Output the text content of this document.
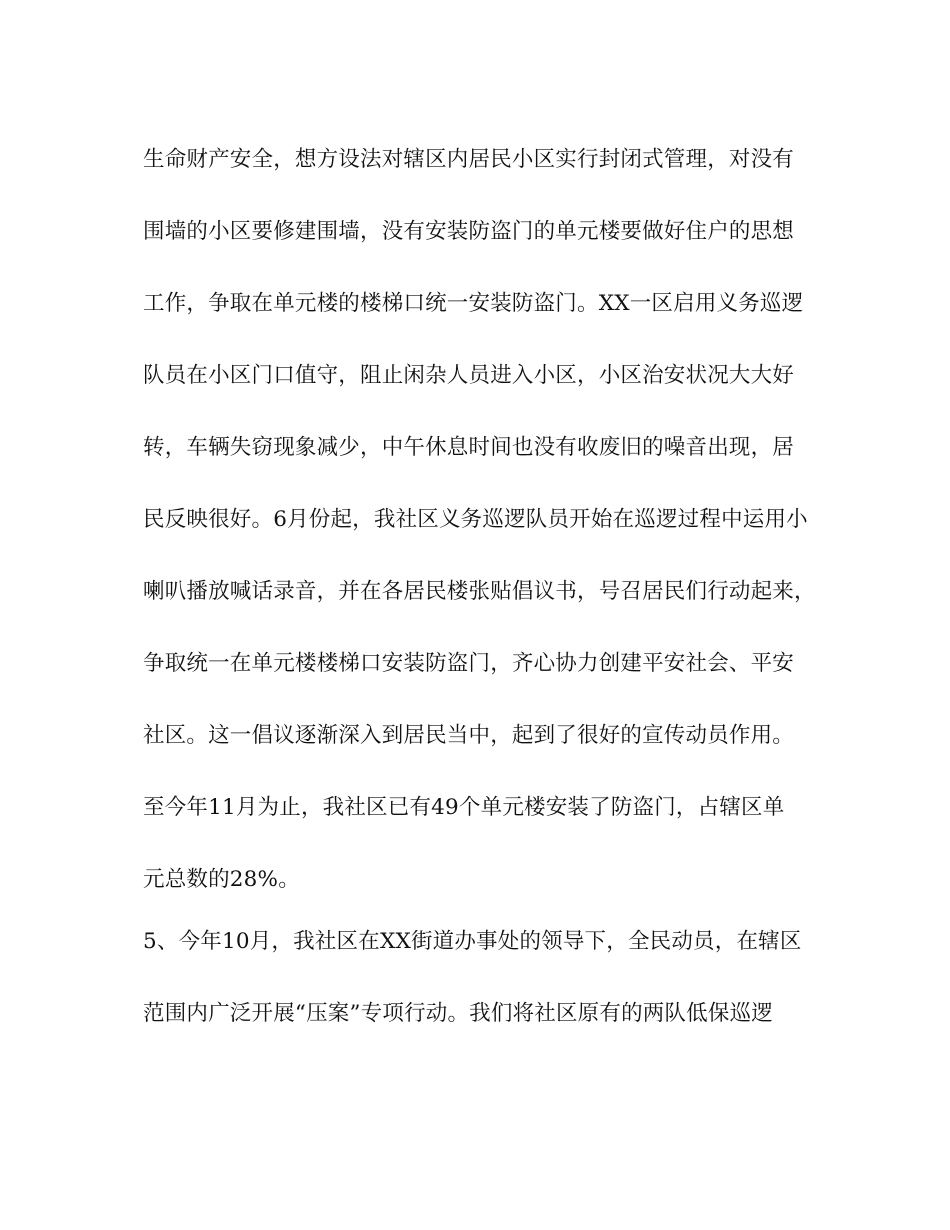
生命财产安全，想方设法对辖区内居民小区实行封闭式管理，对没有
围墙的小区要修建围墙，没有安装防盗门的单元楼要做好住户的思想
工作，争取在单元楼的楼梯口统一安装防盗门。XX一区启用义务巡逻
队员在小区门口值守，阻止闲杂人员进入小区，小区治安状况大大好
转，车辆失窃现象减少，中午休息时间也没有收废旧的噪音出现，居
民反映很好。6月份起，我社区义务巡逻队员开始在巡逻过程中运用小
喇叭播放喊话录音，并在各居民楼张贴倡议书，号召居民们行动起来，
争取统一在单元楼楼梯口安装防盗门，齐心协力创建平安社会、平安
社区。这一倡议逐渐深入到居民当中，起到了很好的宣传动员作用。
至今年11月为止，我社区已有49个单元楼安装了防盗门，占辖区单
元总数的28%。
5、今年10月，我社区在XX街道办事处的领导下，全民动员，在辖区
范围内广泛开展“压案”专项行动。我们将社区原有的两队低保巡逻
